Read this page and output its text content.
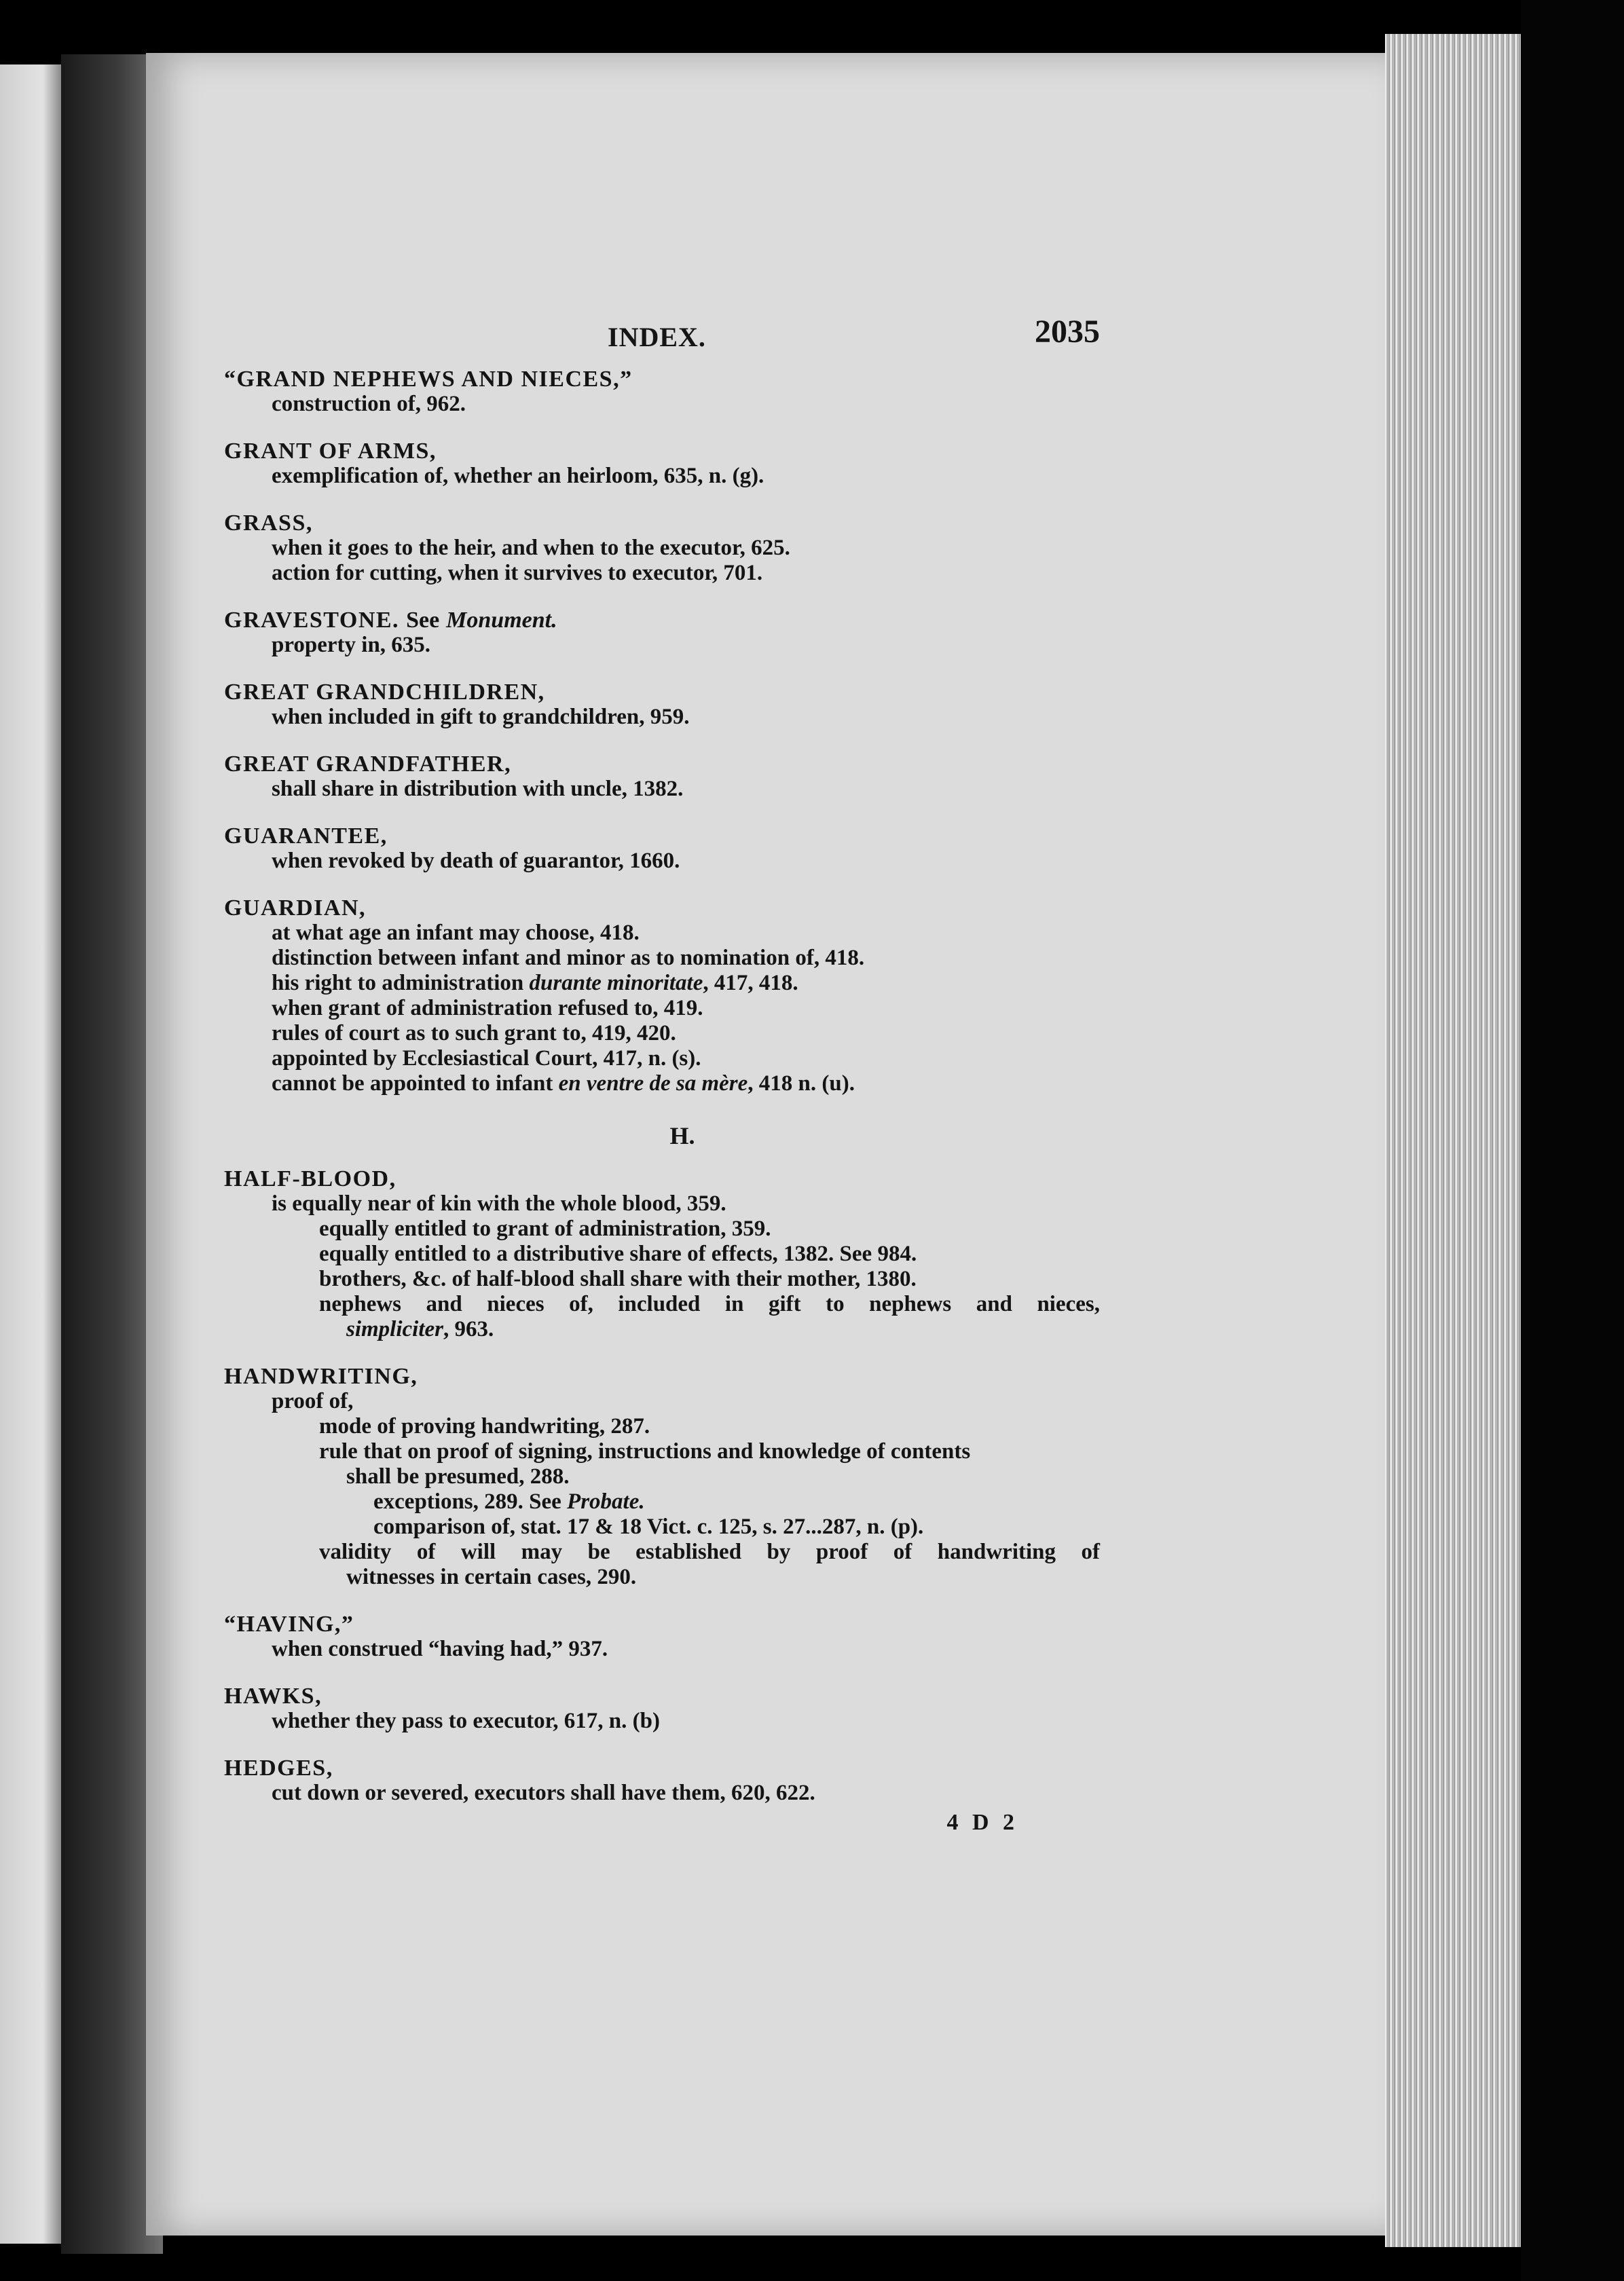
INDEX.	2035
“GRAND NEPHEWS AND NIECES,”
construction of, 962.
GRANT OF ARMS,
exemplification of, whether an heirloom, 635, n. (g).
GRASS,
when it goes to the heir, and when to the executor, 625.
action for cutting, when it survives to executor, 701.
GRAVESTONE. See Monument.
property in, 635.
GREAT GRANDCHILDREN,
when included in gift to grandchildren, 959.
GREAT GRANDFATHER,
shall share in distribution with uncle, 1382.
GUARANTEE,
when revoked by death of guarantor, 1660.
GUARDIAN,
at what age an infant may choose, 418.
distinction between infant and minor as to nomination of, 418.
his right to administration durante minoritate, 417, 418.
when grant of administration refused to, 419.
rules of court as to such grant to, 419, 420.
appointed by Ecclesiastical Court, 417, n. (s).
cannot be appointed to infant en ventre de sa mère, 418 n. (u).
H.
HALF-BLOOD,
is equally near of kin with the whole blood, 359.
equally entitled to grant of administration, 359.
equally entitled to a distributive share of effects, 1382. See 984.
brothers, &c. of half-blood shall share with their mother, 1380.
nephews and nieces of, included in gift to nephews and nieces,
simpliciter, 963.
HANDWRITING,
proof of,
mode of proving handwriting, 287.
rule that on proof of signing, instructions and knowledge of contents
shall be presumed, 288.
exceptions, 289. See Probate.
comparison of, stat. 17 & 18 Vict. c. 125, s. 27...287, n. (p).
validity of will may be established by proof of handwriting of
witnesses in certain cases, 290.
“HAVING,”
when construed “having had,” 937.
HAWKS,
whether they pass to executor, 617, n. (b)
HEDGES,
cut down or severed, executors shall have them, 620, 622.
4 D 2
